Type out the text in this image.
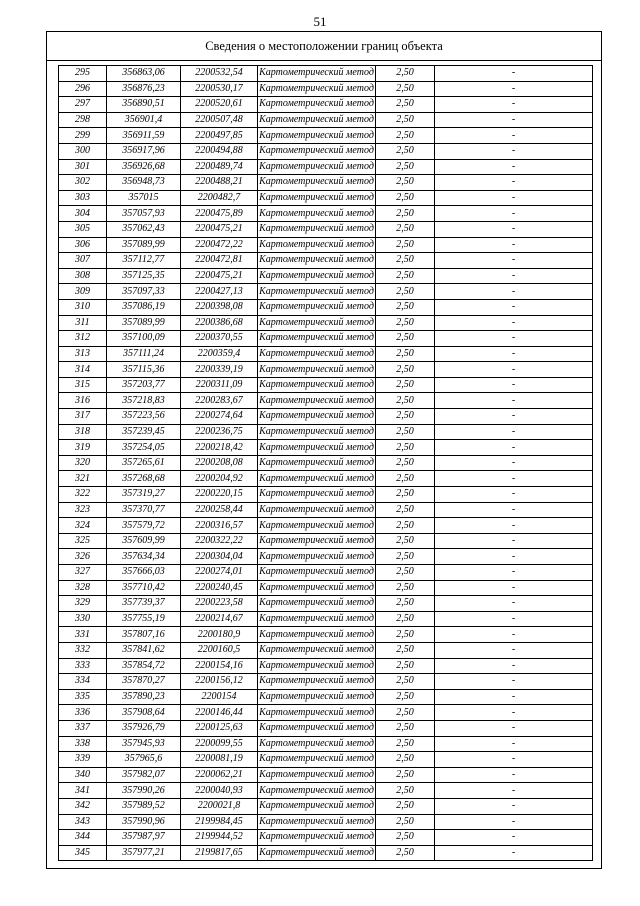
51
Сведения о местоположении границ объекта
295	356863,06	2200532,54	Картометрический метод	2,50	-
296	356876,23	2200530,17	Картометрический метод	2,50	-
297	356890,51	2200520,61	Картометрический метод	2,50	-
298	356901,4	2200507,48	Картометрический метод	2,50	-
299	356911,59	2200497,85	Картометрический метод	2,50	-
300	356917,96	2200494,88	Картометрический метод	2,50	-
301	356926,68	2200489,74	Картометрический метод	2,50	-
302	356948,73	2200488,21	Картометрический метод	2,50	-
303	357015	2200482,7	Картометрический метод	2,50	-
304	357057,93	2200475,89	Картометрический метод	2,50	-
305	357062,43	2200475,21	Картометрический метод	2,50	-
306	357089,99	2200472,22	Картометрический метод	2,50	-
307	357112,77	2200472,81	Картометрический метод	2,50	-
308	357125,35	2200475,21	Картометрический метод	2,50	-
309	357097,33	2200427,13	Картометрический метод	2,50	-
310	357086,19	2200398,08	Картометрический метод	2,50	-
311	357089,99	2200386,68	Картометрический метод	2,50	-
312	357100,09	2200370,55	Картометрический метод	2,50	-
313	357111,24	2200359,4	Картометрический метод	2,50	-
314	357115,36	2200339,19	Картометрический метод	2,50	-
315	357203,77	2200311,09	Картометрический метод	2,50	-
316	357218,83	2200283,67	Картометрический метод	2,50	-
317	357223,56	2200274,64	Картометрический метод	2,50	-
318	357239,45	2200236,75	Картометрический метод	2,50	-
319	357254,05	2200218,42	Картометрический метод	2,50	-
320	357265,61	2200208,08	Картометрический метод	2,50	-
321	357268,68	2200204,92	Картометрический метод	2,50	-
322	357319,27	2200220,15	Картометрический метод	2,50	-
323	357370,77	2200258,44	Картометрический метод	2,50	-
324	357579,72	2200316,57	Картометрический метод	2,50	-
325	357609,99	2200322,22	Картометрический метод	2,50	-
326	357634,34	2200304,04	Картометрический метод	2,50	-
327	357666,03	2200274,01	Картометрический метод	2,50	-
328	357710,42	2200240,45	Картометрический метод	2,50	-
329	357739,37	2200223,58	Картометрический метод	2,50	-
330	357755,19	2200214,67	Картометрический метод	2,50	-
331	357807,16	2200180,9	Картометрический метод	2,50	-
332	357841,62	2200160,5	Картометрический метод	2,50	-
333	357854,72	2200154,16	Картометрический метод	2,50	-
334	357870,27	2200156,12	Картометрический метод	2,50	-
335	357890,23	2200154	Картометрический метод	2,50	-
336	357908,64	2200146,44	Картометрический метод	2,50	-
337	357926,79	2200125,63	Картометрический метод	2,50	-
338	357945,93	2200099,55	Картометрический метод	2,50	-
339	357965,6	2200081,19	Картометрический метод	2,50	-
340	357982,07	2200062,21	Картометрический метод	2,50	-
341	357990,26	2200040,93	Картометрический метод	2,50	-
342	357989,52	2200021,8	Картометрический метод	2,50	-
343	357990,96	2199984,45	Картометрический метод	2,50	-
344	357987,97	2199944,52	Картометрический метод	2,50	-
345	357977,21	2199817,65	Картометрический метод	2,50	-
